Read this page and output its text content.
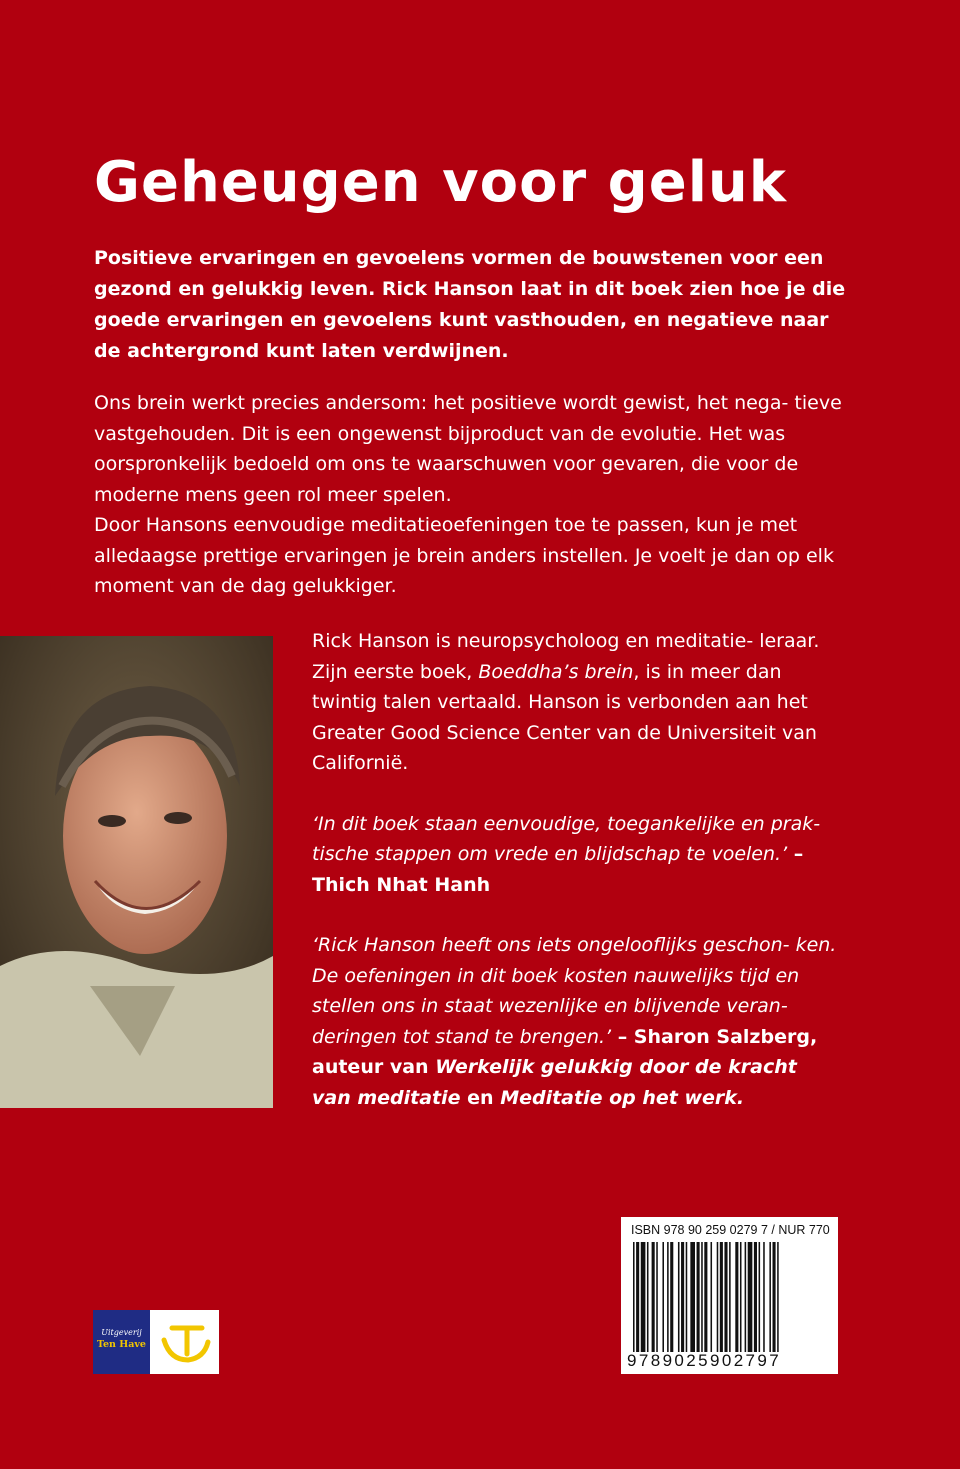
Geheugen voor geluk

Positieve ervaringen en gevoelens vormen de bouwstenen voor een gezond en gelukkig leven. Rick Hanson laat in dit boek zien hoe je die goede ervaringen en gevoelens kunt vasthouden, en negatieve naar de achtergrond kunt laten verdwijnen.

Ons brein werkt precies andersom: het positieve wordt gewist, het nega- tieve vastgehouden. Dit is een ongewenst bijproduct van de evolutie. Het was oorspronkelijk bedoeld om ons te waarschuwen voor gevaren, die voor de moderne mens geen rol meer spelen.

Door Hansons eenvoudige meditatieoefeningen toe te passen, kun je met alledaagse prettige ervaringen je brein anders instellen. Je voelt je dan op elk moment van de dag gelukkiger.

Rick Hanson is neuropsycholoog en meditatie- leraar. Zijn eerste boek, Boeddha’s brein, is in meer dan twintig talen vertaald. Hanson is verbonden aan het Greater Good Science Center van de Universiteit van Californië.

‘In dit boek staan eenvoudige, toegankelijke en prak- tische stappen om vrede en blijdschap te voelen.’ – Thich Nhat Hanh

‘Rick Hanson heeft ons iets ongelooflijks geschon- ken. De oefeningen in dit boek kosten nauwelijks tijd en stellen ons in staat wezenlijke en blijvende veran- deringen tot stand te brengen.’ – Sharon Salzberg, auteur van Werkelijk gelukkig door de kracht van meditatie en Meditatie op het werk.

ISBN 978 90 259 0279 7 / NUR 770
9789025902797
Uitgeverij
Ten Have
